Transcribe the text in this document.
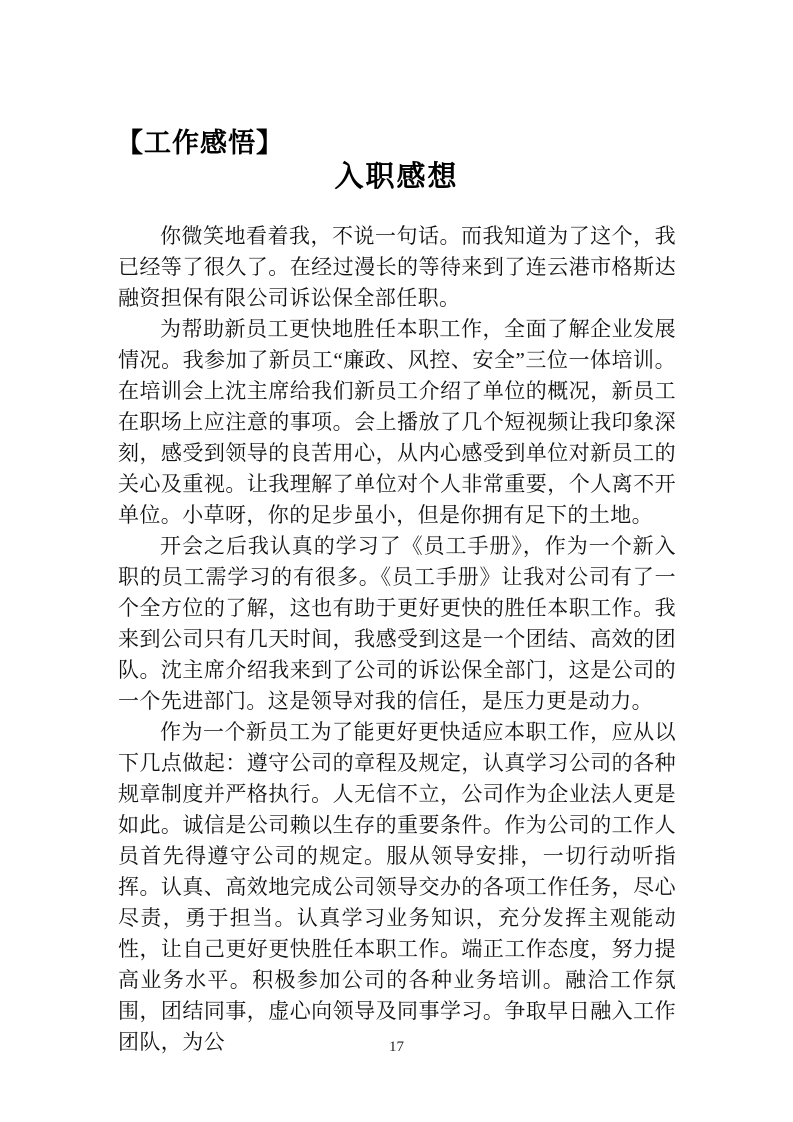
【工作感悟】
入职感想

你微笑地看着我，不说一句话。而我知道为了这个，我已经等了很久了。在经过漫长的等待来到了连云港市格斯达融资担保有限公司诉讼保全部任职。

为帮助新员工更快地胜任本职工作，全面了解企业发展情况。我参加了新员工“廉政、风控、安全”三位一体培训。在培训会上沈主席给我们新员工介绍了单位的概况，新员工在职场上应注意的事项。会上播放了几个短视频让我印象深刻，感受到领导的良苦用心，从内心感受到单位对新员工的关心及重视。让我理解了单位对个人非常重要，个人离不开单位。小草呀，你的足步虽小，但是你拥有足下的土地。

开会之后我认真的学习了《员工手册》，作为一个新入职的员工需学习的有很多。《员工手册》让我对公司有了一个全方位的了解，这也有助于更好更快的胜任本职工作。我来到公司只有几天时间，我感受到这是一个团结、高效的团队。沈主席介绍我来到了公司的诉讼保全部门，这是公司的一个先进部门。这是领导对我的信任，是压力更是动力。

作为一个新员工为了能更好更快适应本职工作，应从以下几点做起：遵守公司的章程及规定，认真学习公司的各种规章制度并严格执行。人无信不立，公司作为企业法人更是如此。诚信是公司赖以生存的重要条件。作为公司的工作人员首先得遵守公司的规定。服从领导安排，一切行动听指挥。认真、高效地完成公司领导交办的各项工作任务，尽心尽责，勇于担当。认真学习业务知识，充分发挥主观能动性，让自己更好更快胜任本职工作。端正工作态度，努力提高业务水平。积极参加公司的各种业务培训。融洽工作氛围，团结同事，虚心向领导及同事学习。争取早日融入工作团队，为公	17
